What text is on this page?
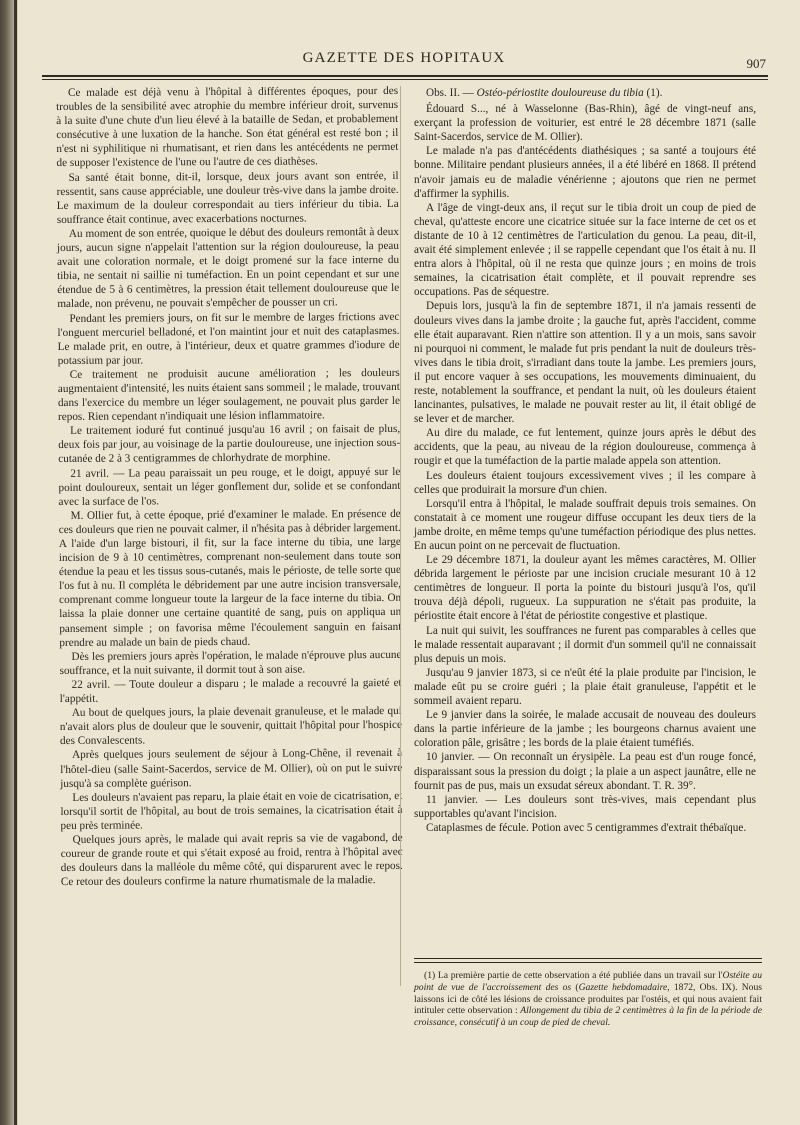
GAZETTE DES HOPITAUX	907

Ce malade est déjà venu à l'hôpital à différentes époques, pour des troubles de la sensibilité avec atrophie du membre inférieur droit, survenus à la suite d'une chute d'un lieu élevé à la bataille de Sedan, et probablement consécutive à une luxation de la hanche. Son état général est resté bon ; il n'est ni syphilitique ni rhumatisant, et rien dans les antécédents ne permet de supposer l'existence de l'une ou l'autre de ces diathèses.

Sa santé était bonne, dit-il, lorsque, deux jours avant son entrée, il ressentit, sans cause appréciable, une douleur très-vive dans la jambe droite. Le maximum de la douleur correspondait au tiers inférieur du tibia. La souffrance était continue, avec exacerbations nocturnes.

Au moment de son entrée, quoique le début des douleurs remontât à deux jours, aucun signe n'appelait l'attention sur la région douloureuse, la peau avait une coloration normale, et le doigt promené sur la face interne du tibia, ne sentait ni saillie ni tuméfaction. En un point cependant et sur une étendue de 5 à 6 centimètres, la pression était tellement douloureuse que le malade, non prévenu, ne pouvait s'empêcher de pousser un cri.

Pendant les premiers jours, on fit sur le membre de larges frictions avec l'onguent mercuriel belladoné, et l'on maintint jour et nuit des cataplasmes. Le malade prit, en outre, à l'intérieur, deux et quatre grammes d'iodure de potassium par jour.

Ce traitement ne produisit aucune amélioration ; les douleurs augmentaient d'intensité, les nuits étaient sans sommeil ; le malade, trouvant dans l'exercice du membre un léger soulagement, ne pouvait plus garder le repos. Rien cependant n'indiquait une lésion inflammatoire.

Le traitement ioduré fut continué jusqu'au 16 avril ; on faisait de plus, deux fois par jour, au voisinage de la partie douloureuse, une injection sous-cutanée de 2 à 3 centigrammes de chlorhydrate de morphine.

21 avril. — La peau paraissait un peu rouge, et le doigt, appuyé sur le point douloureux, sentait un léger gonflement dur, solide et se confondant avec la surface de l'os.

M. Ollier fut, à cette époque, prié d'examiner le malade. En présence de ces douleurs que rien ne pouvait calmer, il n'hésita pas à débrider largement. A l'aide d'un large bistouri, il fit, sur la face interne du tibia, une large incision de 9 à 10 centimètres, comprenant non-seulement dans toute son étendue la peau et les tissus sous-cutanés, mais le périoste, de telle sorte que l'os fut à nu. Il compléta le débridement par une autre incision transversale, comprenant comme longueur toute la largeur de la face interne du tibia. On laissa la plaie donner une certaine quantité de sang, puis on appliqua un pansement simple ; on favorisa même l'écoulement sanguin en faisant prendre au malade un bain de pieds chaud.

Dès les premiers jours après l'opération, le malade n'éprouve plus aucune souffrance, et la nuit suivante, il dormit tout à son aise.

22 avril. — Toute douleur a disparu ; le malade a recouvré la gaieté et l'appétit.

Au bout de quelques jours, la plaie devenait granuleuse, et le malade qui n'avait alors plus de douleur que le souvenir, quittait l'hôpital pour l'hospice des Convalescents.

Après quelques jours seulement de séjour à Long-Chêne, il revenait à l'hôtel-dieu (salle Saint-Sacerdos, service de M. Ollier), où on put le suivre jusqu'à sa complète guérison.

Les douleurs n'avaient pas reparu, la plaie était en voie de cicatrisation, et lorsqu'il sortit de l'hôpital, au bout de trois semaines, la cicatrisation était à peu près terminée.

Quelques jours après, le malade qui avait repris sa vie de vagabond, de coureur de grande route et qui s'était exposé au froid, rentra à l'hôpital avec des douleurs dans la malléole du même côté, qui disparurent avec le repos. Ce retour des douleurs confirme la nature rhumatismale de la maladie.

Obs. II. — Ostéo-périostite douloureuse du tibia (1).

Édouard S..., né à Wasselonne (Bas-Rhin), âgé de vingt-neuf ans, exerçant la profession de voiturier, est entré le 28 décembre 1871 (salle Saint-Sacerdos, service de M. Ollier).

Le malade n'a pas d'antécédents diathésiques ; sa santé a toujours été bonne. Militaire pendant plusieurs années, il a été libéré en 1868. Il prétend n'avoir jamais eu de maladie vénérienne ; ajoutons que rien ne permet d'affirmer la syphilis.

A l'âge de vingt-deux ans, il reçut sur le tibia droit un coup de pied de cheval, qu'atteste encore une cicatrice située sur la face interne de cet os et distante de 10 à 12 centimètres de l'articulation du genou. La peau, dit-il, avait été simplement enlevée ; il se rappelle cependant que l'os était à nu. Il entra alors à l'hôpital, où il ne resta que quinze jours ; en moins de trois semaines, la cicatrisation était complète, et il pouvait reprendre ses occupations. Pas de séquestre.

Depuis lors, jusqu'à la fin de septembre 1871, il n'a jamais ressenti de douleurs vives dans la jambe droite ; la gauche fut, après l'accident, comme elle était auparavant. Rien n'attire son attention. Il y a un mois, sans savoir ni pourquoi ni comment, le malade fut pris pendant la nuit de douleurs très-vives dans le tibia droit, s'irradiant dans toute la jambe. Les premiers jours, il put encore vaquer à ses occupations, les mouvements diminuaient, du reste, notablement la souffrance, et pendant la nuit, où les douleurs étaient lancinantes, pulsatives, le malade ne pouvait rester au lit, il était obligé de se lever et de marcher.

Au dire du malade, ce fut lentement, quinze jours après le début des accidents, que la peau, au niveau de la région douloureuse, commença à rougir et que la tuméfaction de la partie malade appela son attention.

Les douleurs étaient toujours excessivement vives ; il les compare à celles que produirait la morsure d'un chien.

Lorsqu'il entra à l'hôpital, le malade souffrait depuis trois semaines. On constatait à ce moment une rougeur diffuse occupant les deux tiers de la jambe droite, en même temps qu'une tuméfaction périodique des plus nettes. En aucun point on ne percevait de fluctuation.

Le 29 décembre 1871, la douleur ayant les mêmes caractères, M. Ollier débrida largement le périoste par une incision cruciale mesurant 10 à 12 centimètres de longueur. Il porta la pointe du bistouri jusqu'à l'os, qu'il trouva déjà dépoli, rugueux. La suppuration ne s'était pas produite, la périostite était encore à l'état de périostite congestive et plastique.

La nuit qui suivit, les souffrances ne furent pas comparables à celles que le malade ressentait auparavant ; il dormit d'un sommeil qu'il ne connaissait plus depuis un mois.

Jusqu'au 9 janvier 1873, si ce n'eût été la plaie produite par l'incision, le malade eût pu se croire guéri ; la plaie était granuleuse, l'appétit et le sommeil avaient reparu.

Le 9 janvier dans la soirée, le malade accusait de nouveau des douleurs dans la partie inférieure de la jambe ; les bourgeons charnus avaient une coloration pâle, grisâtre ; les bords de la plaie étaient tuméfiés.

10 janvier. — On reconnaît un érysipèle. La peau est d'un rouge foncé, disparaissant sous la pression du doigt ; la plaie a un aspect jaunâtre, elle ne fournit pas de pus, mais un exsudat séreux abondant. T. R. 39°.

11 janvier. — Les douleurs sont très-vives, mais cependant plus supportables qu'avant l'incision.

Cataplasmes de fécule. Potion avec 5 centigrammes d'extrait thébaïque.

(1) La première partie de cette observation a été publiée dans un travail sur l'Ostéite au point de vue de l'accroissement des os (Gazette hebdomadaire, 1872, Obs. IX). Nous laissons ici de côté les lésions de croissance produites par l'ostéis, et qui nous avaient fait intituler cette observation : Allongement du tibia de 2 centimètres à la fin de la période de croissance, consécutif à un coup de pied de cheval.
